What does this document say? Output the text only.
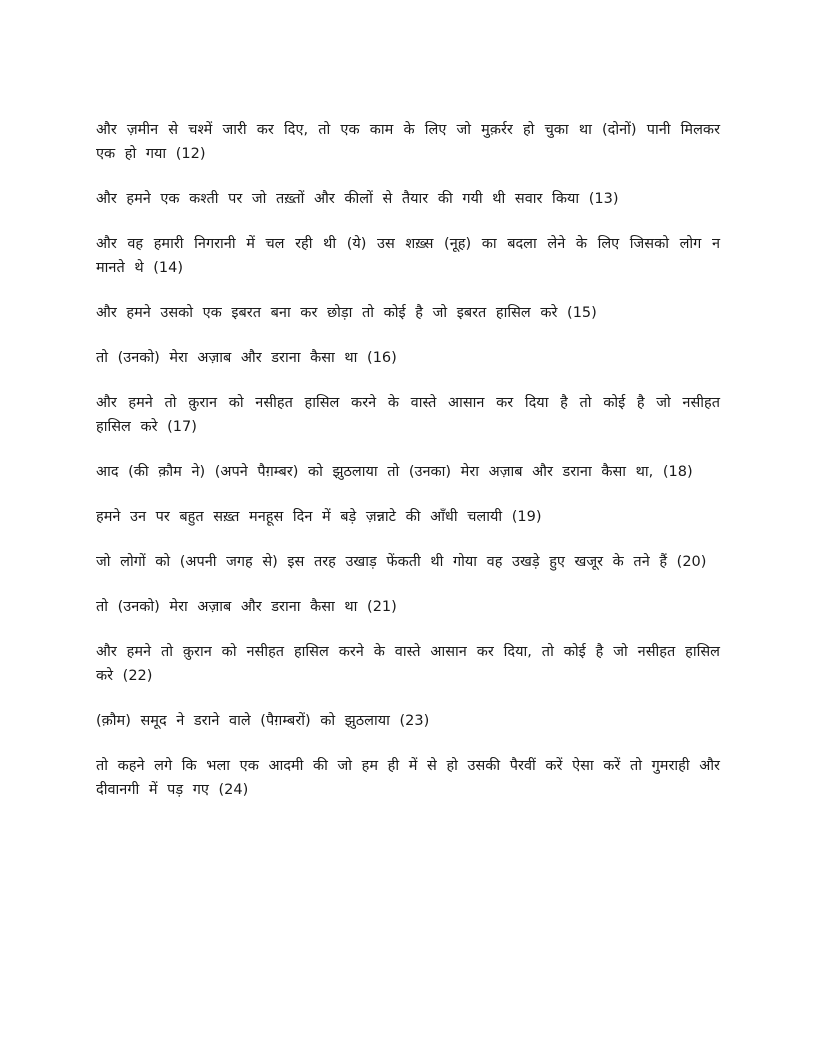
और ज़मीन से चश्में जारी कर दिए, तो एक काम के लिए जो मुक़र्रर हो चुका था (दोनों) पानी मिलकर एक हो गया (12)

और हमने एक कश्ती पर जो तख़्तों और कीलों से तैयार की गयी थी सवार किया (13)

और वह हमारी निगरानी में चल रही थी (ये) उस शख़्स (नूह) का बदला लेने के लिए जिसको लोग न मानते थे (14)

और हमने उसको एक इबरत बना कर छोड़ा तो कोई है जो इबरत हासिल करे (15)

तो (उनको) मेरा अज़ाब और डराना कैसा था (16)

और हमने तो क़ुरान को नसीहत हासिल करने के वास्ते आसान कर दिया है तो कोई है जो नसीहत हासिल करे (17)

आद (की क़ौम ने) (अपने पैग़म्बर) को झुठलाया तो (उनका) मेरा अज़ाब और डराना कैसा था, (18)

हमने उन पर बहुत सख़्त मनहूस दिन में बड़े ज़न्नाटे की आँधी चलायी (19)

जो लोगों को (अपनी जगह से) इस तरह उखाड़ फेंकती थी गोया वह उखड़े हुए खजूर के तने हैं (20)

तो (उनको) मेरा अज़ाब और डराना कैसा था (21)

और हमने तो क़ुरान को नसीहत हासिल करने के वास्ते आसान कर दिया, तो कोई है जो नसीहत हासिल करे (22)

(क़ौम) समूद ने डराने वाले (पैग़म्बरों) को झुठलाया (23)

तो कहने लगे कि भला एक आदमी की जो हम ही में से हो उसकी पैरवीं करें ऐसा करें तो गुमराही और दीवानगी में पड़ गए (24)
